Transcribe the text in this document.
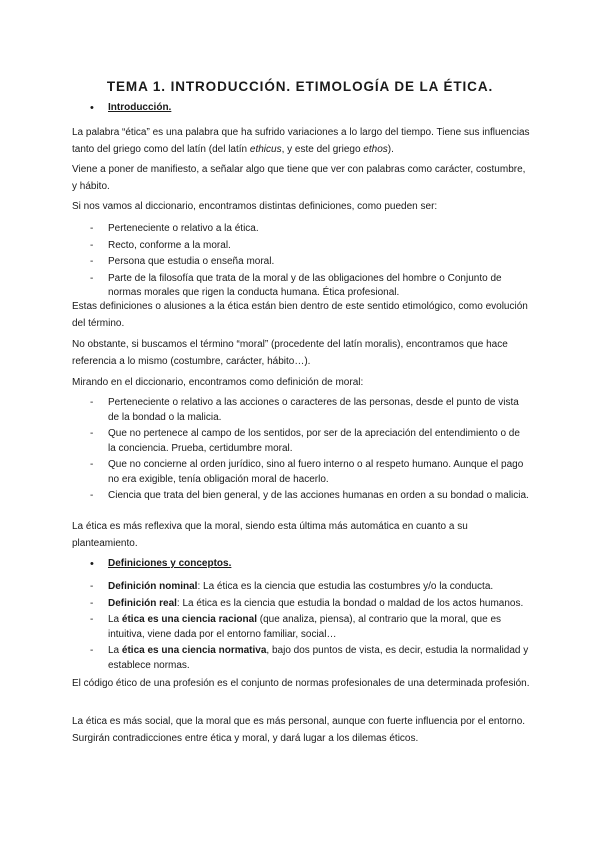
TEMA 1. INTRODUCCIÓN. ETIMOLOGÍA DE LA ÉTICA.
• Introducción.

La palabra “ética” es una palabra que ha sufrido variaciones a lo largo del tiempo. Tiene sus influencias tanto del griego como del latín (del latín ethicus, y este del griego ethos).

Viene a poner de manifiesto, a señalar algo que tiene que ver con palabras como carácter, costumbre, y hábito.

Si nos vamos al diccionario, encontramos distintas definiciones, como pueden ser:

- Perteneciente o relativo a la ética.
- Recto, conforme a la moral.
- Persona que estudia o enseña moral.
- Parte de la filosofía que trata de la moral y de las obligaciones del hombre o Conjunto de normas morales que rigen la conducta humana. Ética profesional.

Estas definiciones o alusiones a la ética están bien dentro de este sentido etimológico, como evolución del término.

No obstante, si buscamos el término “moral” (procedente del latín moralis), encontramos que hace referencia a lo mismo (costumbre, carácter, hábito…).

Mirando en el diccionario, encontramos como definición de moral:

- Perteneciente o relativo a las acciones o caracteres de las personas, desde el punto de vista de la bondad o la malicia.
- Que no pertenece al campo de los sentidos, por ser de la apreciación del entendimiento o de la conciencia. Prueba, certidumbre moral.
- Que no concierne al orden jurídico, sino al fuero interno o al respeto humano. Aunque el pago no era exigible, tenía obligación moral de hacerlo.
- Ciencia que trata del bien general, y de las acciones humanas en orden a su bondad o malicia.

La ética es más reflexiva que la moral, siendo esta última más automática en cuanto a su planteamiento.

• Definiciones y conceptos.
- Definición nominal: La ética es la ciencia que estudia las costumbres y/o la conducta.
- Definición real: La ética es la ciencia que estudia la bondad o maldad de los actos humanos.
- La ética es una ciencia racional (que analiza, piensa), al contrario que la moral, que es intuitiva, viene dada por el entorno familiar, social…
- La ética es una ciencia normativa, bajo dos puntos de vista, es decir, estudia la normalidad y establece normas.

El código ético de una profesión es el conjunto de normas profesionales de una determinada profesión.

La ética es más social, que la moral que es más personal, aunque con fuerte influencia por el entorno. Surgirán contradicciones entre ética y moral, y dará lugar a los dilemas éticos.
